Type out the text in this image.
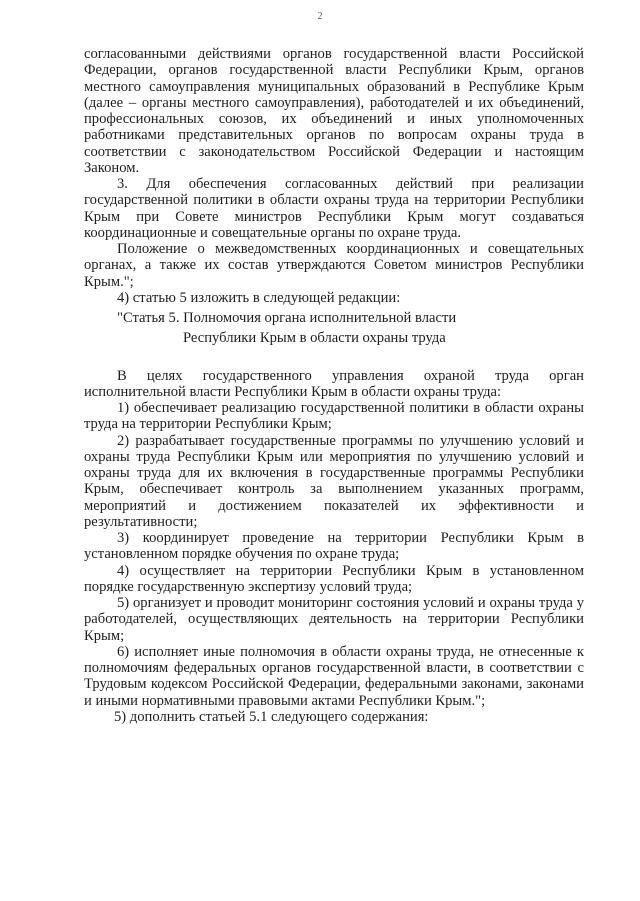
2

согласованными действиями органов государственной власти Российской Федерации, органов государственной власти Республики Крым, органов местного самоуправления муниципальных образований в Республике Крым (далее – органы местного самоуправления), работодателей и их объединений, профессиональных союзов, их объединений и иных уполномоченных работниками представительных органов по вопросам охраны труда в соответствии с законодательством Российской Федерации и настоящим Законом.

3. Для обеспечения согласованных действий при реализации государственной политики в области охраны труда на территории Республики Крым при Совете министров Республики Крым могут создаваться координационные и совещательные органы по охране труда.

Положение о межведомственных координационных и совещательных органах, а также их состав утверждаются Советом министров Республики Крым.";

4) статью 5 изложить в следующей редакции:

"Статья 5. Полномочия органа исполнительной власти

Республики Крым в области охраны труда

В целях государственного управления охраной труда орган исполнительной власти Республики Крым в области охраны труда:

1) обеспечивает реализацию государственной политики в области охраны труда на территории Республики Крым;

2) разрабатывает государственные программы по улучшению условий и охраны труда Республики Крым или мероприятия по улучшению условий и охраны труда для их включения в государственные программы Республики Крым, обеспечивает контроль за выполнением указанных программ, мероприятий и достижением показателей их эффективности и результативности;

3) координирует проведение на территории Республики Крым в установленном порядке обучения по охране труда;

4) осуществляет на территории Республики Крым в установленном порядке государственную экспертизу условий труда;

5) организует и проводит мониторинг состояния условий и охраны труда у работодателей, осуществляющих деятельность на территории Республики Крым;

6) исполняет иные полномочия в области охраны труда, не отнесенные к полномочиям федеральных органов государственной власти, в соответствии с Трудовым кодексом Российской Федерации, федеральными законами, законами и иными нормативными правовыми актами Республики Крым.";

5) дополнить статьей 5.1 следующего содержания:
